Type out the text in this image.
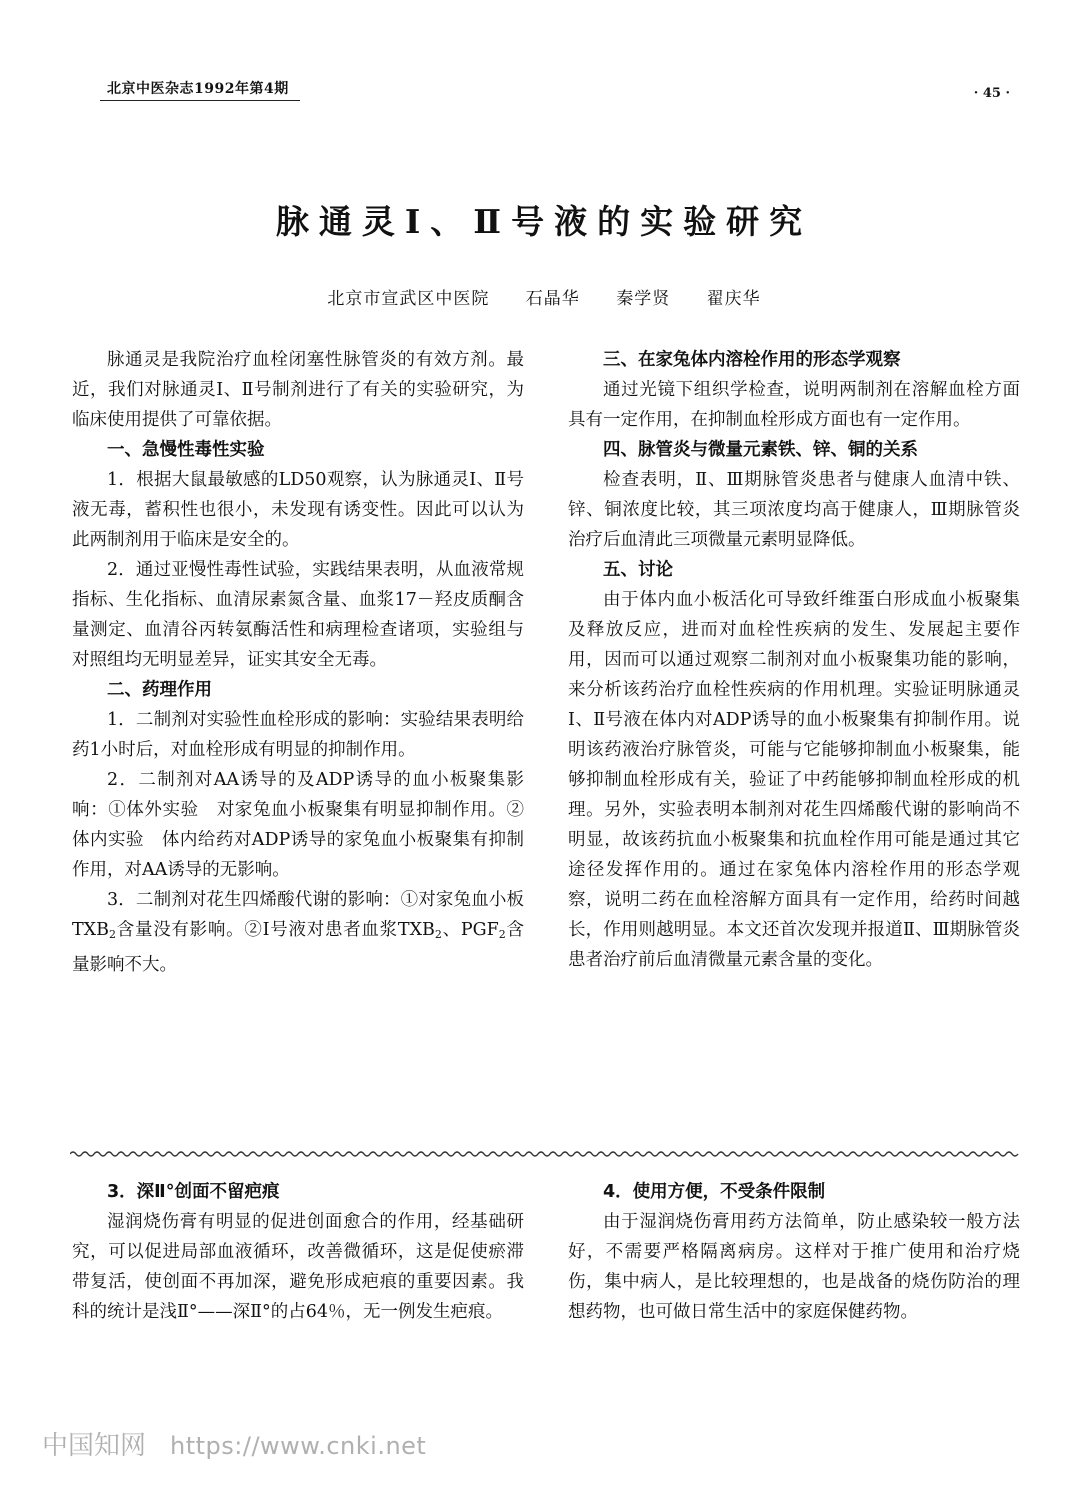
北京中医杂志1992年第4期	· 45 ·
脉通灵Ⅰ、Ⅱ号液的实验研究
北京市宣武区中医院 石晶华 秦学贤 翟庆华

脉通灵是我院治疗血栓闭塞性脉管炎的有效方剂。最近，我们对脉通灵Ⅰ、Ⅱ号制剂进行了有关的实验研究，为临床使用提供了可靠依据。

一、急慢性毒性实验

1．根据大鼠最敏感的LD50观察，认为脉通灵Ⅰ、Ⅱ号液无毒，蓄积性也很小，未发现有诱变性。因此可以认为此两制剂用于临床是安全的。

2．通过亚慢性毒性试验，实践结果表明，从血液常规指标、生化指标、血清尿素氮含量、血浆17－羟皮质酮含量测定、血清谷丙转氨酶活性和病理检查诸项，实验组与对照组均无明显差异，证实其安全无毒。

二、药理作用

1．二制剂对实验性血栓形成的影响：实验结果表明给药1小时后，对血栓形成有明显的抑制作用。

2．二制剂对AA诱导的及ADP诱导的血小板聚集影响：①体外实验　对家兔血小板聚集有明显抑制作用。②体内实验　体内给药对ADP诱导的家兔血小板聚集有抑制作用，对AA诱导的无影响。

3．二制剂对花生四烯酸代谢的影响：①对家兔血小板$TXB_2$含量没有影响。②Ⅰ号液对患者血浆$TXB_2$、$PGF_2$含量影响不大。

三、在家兔体内溶栓作用的形态学观察

通过光镜下组织学检查，说明两制剂在溶解血栓方面具有一定作用，在抑制血栓形成方面也有一定作用。

四、脉管炎与微量元素铁、锌、铜的关系

检查表明，Ⅱ、Ⅲ期脉管炎患者与健康人血清中铁、锌、铜浓度比较，其三项浓度均高于健康人，Ⅲ期脉管炎治疗后血清此三项微量元素明显降低。

五、讨论

由于体内血小板活化可导致纤维蛋白形成血小板聚集及释放反应，进而对血栓性疾病的发生、发展起主要作用，因而可以通过观察二制剂对血小板聚集功能的影响，来分析该药治疗血栓性疾病的作用机理。实验证明脉通灵Ⅰ、Ⅱ号液在体内对ADP诱导的血小板聚集有抑制作用。说明该药液治疗脉管炎，可能与它能够抑制血小板聚集，能够抑制血栓形成有关，验证了中药能够抑制血栓形成的机理。另外，实验表明本制剂对花生四烯酸代谢的影响尚不明显，故该药抗血小板聚集和抗血栓作用可能是通过其它途径发挥作用的。通过在家兔体内溶栓作用的形态学观察，说明二药在血栓溶解方面具有一定作用，给药时间越长，作用则越明显。本文还首次发现并报道Ⅱ、Ⅲ期脉管炎患者治疗前后血清微量元素含量的变化。

3．深Ⅱ°创面不留疤痕

湿润烧伤膏有明显的促进创面愈合的作用，经基础研究，可以促进局部血液循环，改善微循环，这是促使瘀滞带复活，使创面不再加深，避免形成疤痕的重要因素。我科的统计是浅Ⅱ°——深Ⅱ°的占64％，无一例发生疤痕。

4．使用方便，不受条件限制

由于湿润烧伤膏用药方法简单，防止感染较一般方法好，不需要严格隔离病房。这样对于推广使用和治疗烧伤，集中病人，是比较理想的，也是战备的烧伤防治的理想药物，也可做日常生活中的家庭保健药物。

中国知网 https://www.cnki.net
